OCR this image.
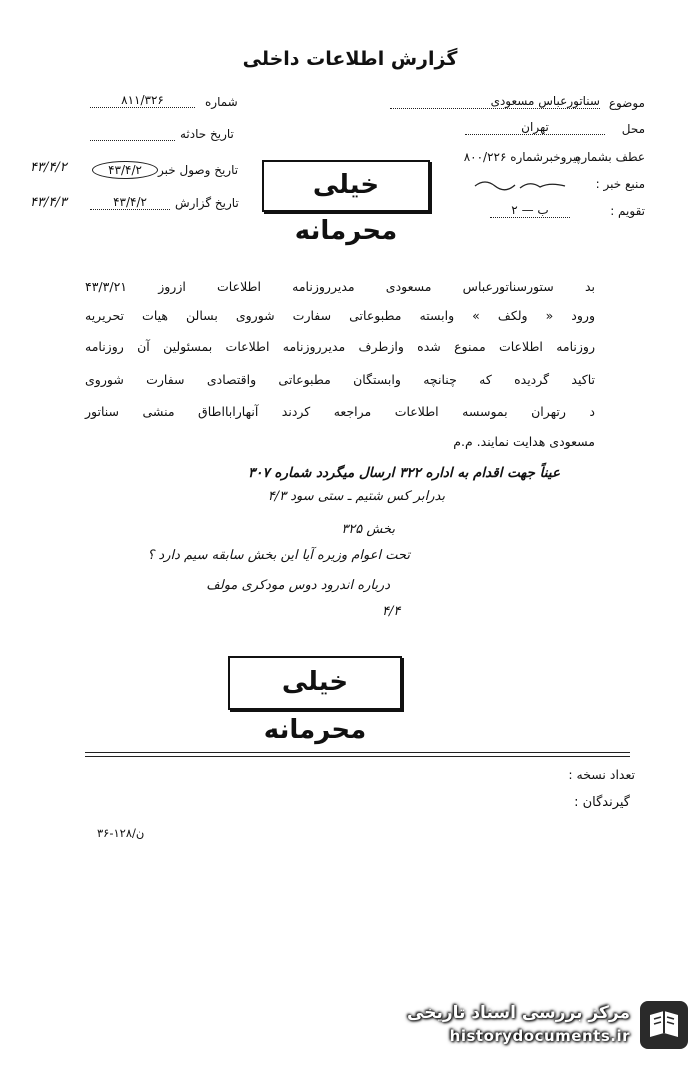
گزارش اطلاعات داخلی
موضوع
سناتورعباس مسعودی
محل
تهران
عطف بشماره
پیروخبرشماره ۸۰۰/۲۲۶
منبع خبر :
تقویم :
ب — ۲
شماره
۸۱۱/۳۲۶
تاریخ حادثه
تاریخ وصول خبر
۴۳/۴/۲
۴۳/۴/۲
تاریخ گزارش
۴۳/۴/۲
۴۳/۴/۳
خیلی محرمانه
بد ستورسناتورعباس مسعودی مدیرروزنامه اطلاعات ازروز ۴۳/۳/۲۱
ورود « ولکف » وابسته مطبوعاتی سفارت شوروی بسالن هیات تحریریه
روزنامه اطلاعات ممنوع شده وازطرف مدیرروزنامه اطلاعات بمسئولین آن روزنامه
تاکید گردیده که چنانچه وابستگان مطبوعاتی واقتصادی سفارت شوروی
د رتهران بموسسه اطلاعات مراجعه کردند آنهارابااطاق منشی سناتور
مسعودی هدایت نمایند. م.م
عیناً جهت اقدام به اداره ۳۲۲ ارسال میگردد شماره ۳۰۷
بدرابر کس شتیم ـ ستی سود ۴/۳
بخش ۳۲۵
تحت اعوام وزیره آیا این بخش سابقه سیم دارد ؟
درباره اندرود دوس مودکری مولف
۴/۴
خیلی محرمانه
تعداد نسخه :
گیرندگان :
۳۶-۱۲۸/ن
مرکز بررسی اسناد تاریخی
historydocuments.ir
